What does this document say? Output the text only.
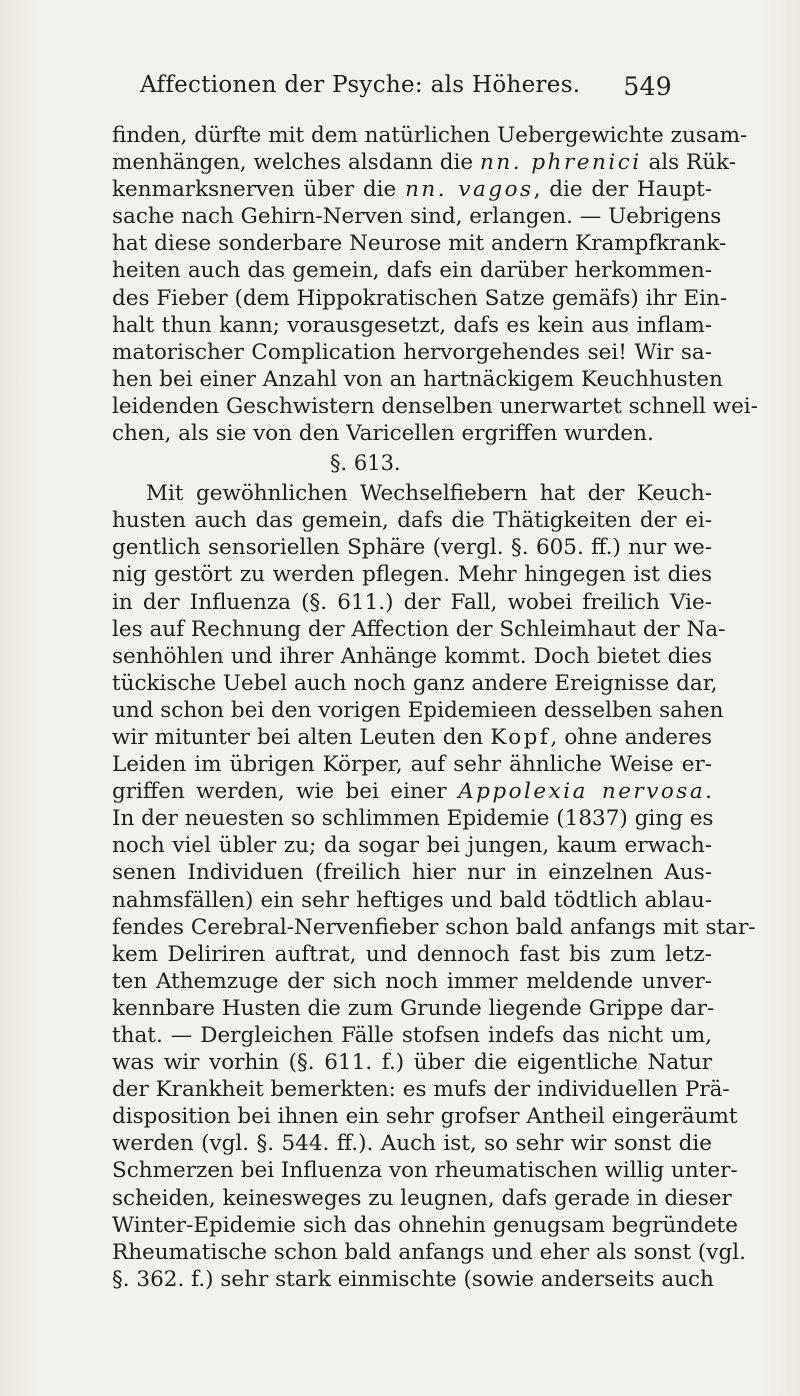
Affectionen der Psyche: als Höheres. 549
finden, dürfte mit dem natürlichen Uebergewichte zusam-
menhängen, welches alsdann die nn. phrenici als Rük-
kenmarksnerven über die nn. vagos, die der Haupt-
sache nach Gehirn-Nerven sind, erlangen. — Uebrigens
hat diese sonderbare Neurose mit andern Krampfkrank-
heiten auch das gemein, dafs ein darüber herkommen-
des Fieber (dem Hippokratischen Satze gemäfs) ihr Ein-
halt thun kann; vorausgesetzt, dafs es kein aus inflam-
matorischer Complication hervorgehendes sei! Wir sa-
hen bei einer Anzahl von an hartnäckigem Keuchhusten
leidenden Geschwistern denselben unerwartet schnell wei-
chen, als sie von den Varicellen ergriffen wurden.
§. 613.
Mit gewöhnlichen Wechselfiebern hat der Keuch-
husten auch das gemein, dafs die Thätigkeiten der ei-
gentlich sensoriellen Sphäre (vergl. §. 605. ff.) nur we-
nig gestört zu werden pflegen. Mehr hingegen ist dies
in der Influenza (§. 611.) der Fall, wobei freilich Vie-
les auf Rechnung der Affection der Schleimhaut der Na-
senhöhlen und ihrer Anhänge kommt. Doch bietet dies
tückische Uebel auch noch ganz andere Ereignisse dar,
und schon bei den vorigen Epidemieen desselben sahen
wir mitunter bei alten Leuten den Kopf, ohne anderes
Leiden im übrigen Körper, auf sehr ähnliche Weise er-
griffen werden, wie bei einer Appolexia nervosa.
In der neuesten so schlimmen Epidemie (1837) ging es
noch viel übler zu; da sogar bei jungen, kaum erwach-
senen Individuen (freilich hier nur in einzelnen Aus-
nahmsfällen) ein sehr heftiges und bald tödtlich ablau-
fendes Cerebral-Nervenfieber schon bald anfangs mit star-
kem Deliriren auftrat, und dennoch fast bis zum letz-
ten Athemzuge der sich noch immer meldende unver-
kennbare Husten die zum Grunde liegende Grippe dar-
that. — Dergleichen Fälle stofsen indefs das nicht um,
was wir vorhin (§. 611. f.) über die eigentliche Natur
der Krankheit bemerkten: es mufs der individuellen Prä-
disposition bei ihnen ein sehr grofser Antheil eingeräumt
werden (vgl. §. 544. ff.). Auch ist, so sehr wir sonst die
Schmerzen bei Influenza von rheumatischen willig unter-
scheiden, keinesweges zu leugnen, dafs gerade in dieser
Winter-Epidemie sich das ohnehin genugsam begründete
Rheumatische schon bald anfangs und eher als sonst (vgl.
§. 362. f.) sehr stark einmischte (sowie anderseits auch
